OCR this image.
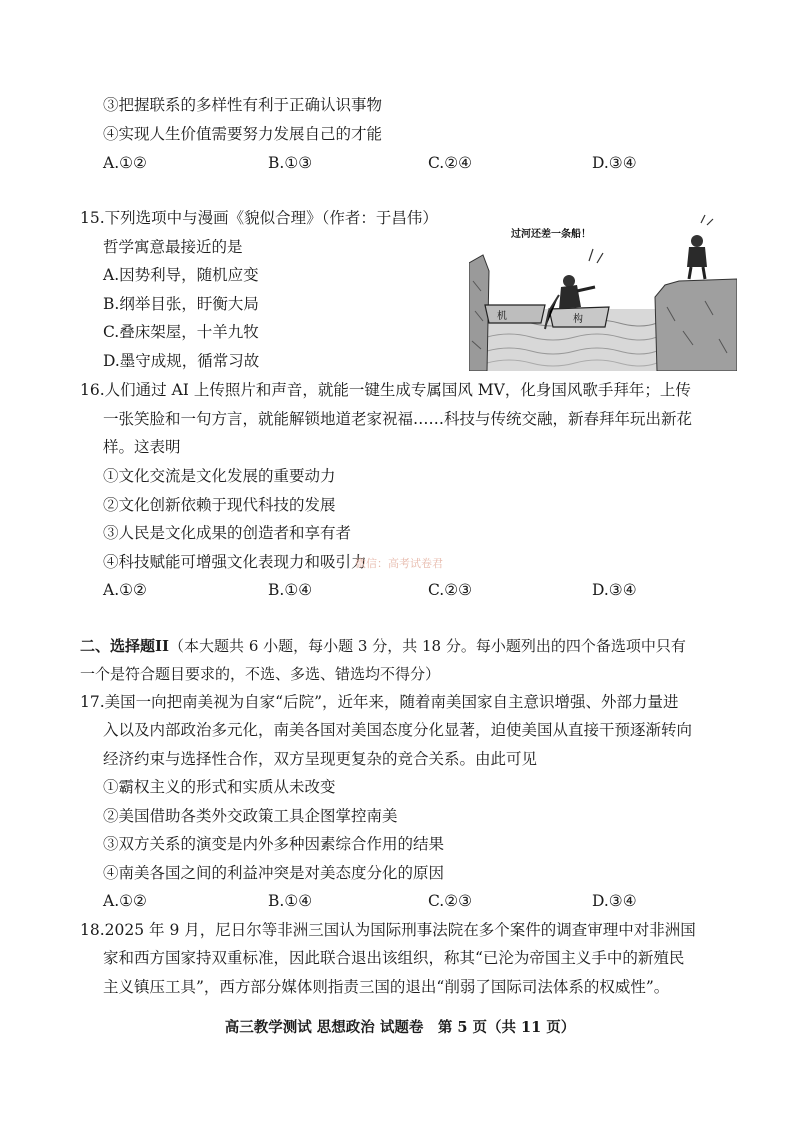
③把握联系的多样性有利于正确认识事物
④实现人生价值需要努力发展自己的才能
A.①②	B.①③	C.②④	D.③④
15.下列选项中与漫画《貌似合理》（作者：于昌伟）
哲学寓意最接近的是
A.因势利导，随机应变
B.纲举目张，盱衡大局
C.叠床架屋，十羊九牧
D.墨守成规，循常习故
机	构
过河还差一条船！
16.人们通过 AI 上传照片和声音，就能一键生成专属国风 MV，化身国风歌手拜年；上传
一张笑脸和一句方言，就能解锁地道老家祝福……科技与传统交融，新春拜年玩出新花
样。这表明
①文化交流是文化发展的重要动力
②文化创新依赖于现代科技的发展
③人民是文化成果的创造者和享有者
④科技赋能可增强文化表现力和吸引力
微信：高考试卷君
A.①②	B.①④	C.②③	D.③④
二、选择题II（本大题共 6 小题，每小题 3 分，共 18 分。每小题列出的四个备选项中只有
一个是符合题目要求的，不选、多选、错选均不得分）
17.美国一向把南美视为自家“后院”，近年来，随着南美国家自主意识增强、外部力量进
入以及内部政治多元化，南美各国对美国态度分化显著，迫使美国从直接干预逐渐转向
经济约束与选择性合作，双方呈现更复杂的竞合关系。由此可见
①霸权主义的形式和实质从未改变
②美国借助各类外交政策工具企图掌控南美
③双方关系的演变是内外多种因素综合作用的结果
④南美各国之间的利益冲突是对美态度分化的原因
A.①②	B.①④	C.②③	D.③④
18.2025 年 9 月，尼日尔等非洲三国认为国际刑事法院在多个案件的调查审理中对非洲国
家和西方国家持双重标准，因此联合退出该组织，称其“已沦为帝国主义手中的新殖民
主义镇压工具”，西方部分媒体则指责三国的退出“削弱了国际司法体系的权威性”。
高三教学测试 思想政治 试题卷　第 5 页（共 11 页）
